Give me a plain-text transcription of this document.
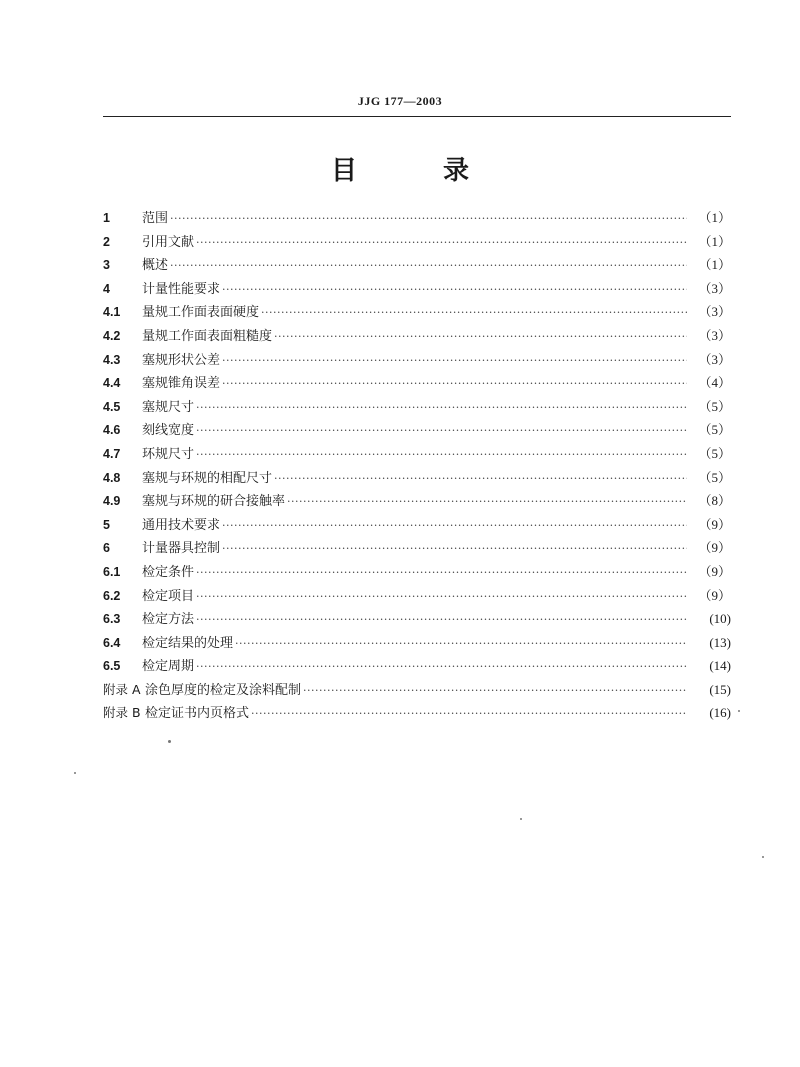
JJG 177—2003
目　录
1	范围 ·····	（1）
2	引用文献 ·····	（1）
3	概述 ·····	（1）
4	计量性能要求 ·····	（3）
4.1	量规工作面表面硬度 ·····	（3）
4.2	量规工作面表面粗糙度 ·····	（3）
4.3	塞规形状公差 ·····	（3）
4.4	塞规锥角误差 ·····	（4）
4.5	塞规尺寸 ·····	（5）
4.6	刻线宽度 ·····	（5）
4.7	环规尺寸 ·····	（5）
4.8	塞规与环规的相配尺寸 ·····	（5）
4.9	塞规与环规的研合接触率 ·····	（8）
5	通用技术要求 ·····	（9）
6	计量器具控制 ·····	（9）
6.1	检定条件 ·····	（9）
6.2	检定项目 ·····	（9）
6.3	检定方法 ·····	(10)
6.4	检定结果的处理 ·····	(13)
6.5	检定周期 ·····	(14)
附录 A 涂色厚度的检定及涂料配制 ·····	(15)
附录 B 检定证书内页格式 ·····	(16)
